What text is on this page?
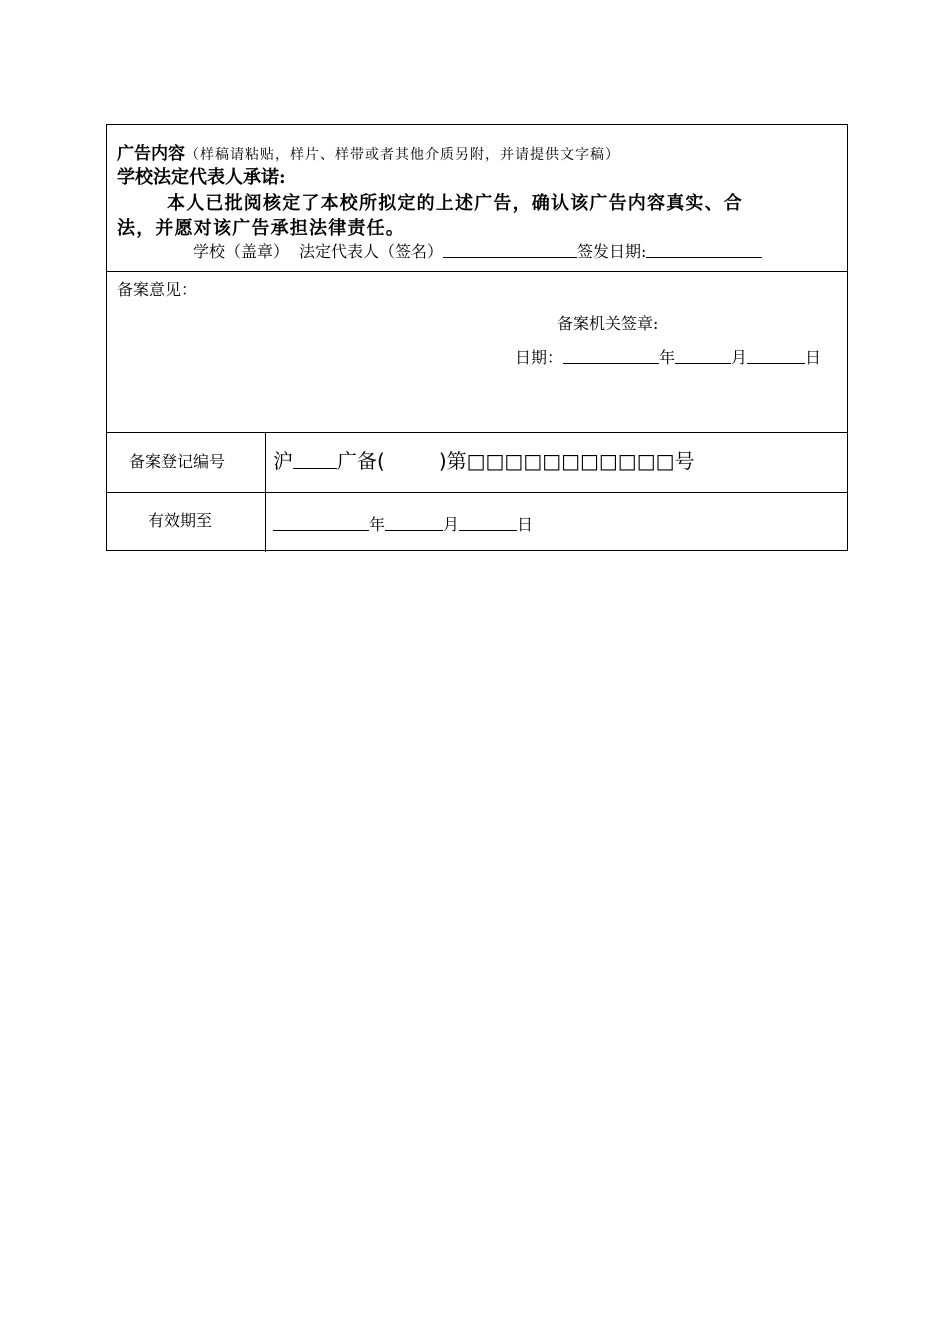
广告内容（样稿请粘贴，样片、样带或者其他介质另附，并请提供文字稿）
学校法定代表人承诺:
本人已批阅核定了本校所拟定的上述广告，确认该广告内容真实、合
法，并愿对该广告承担法律责任。
学校（盖章） 法定代表人（签名）	签发日期:
备案意见：
备案机关签章:
日期：	年	月	日
备案登记编号 沪 广备(	)第□□□□□□□□□□□号
有效期至	年	月	日
